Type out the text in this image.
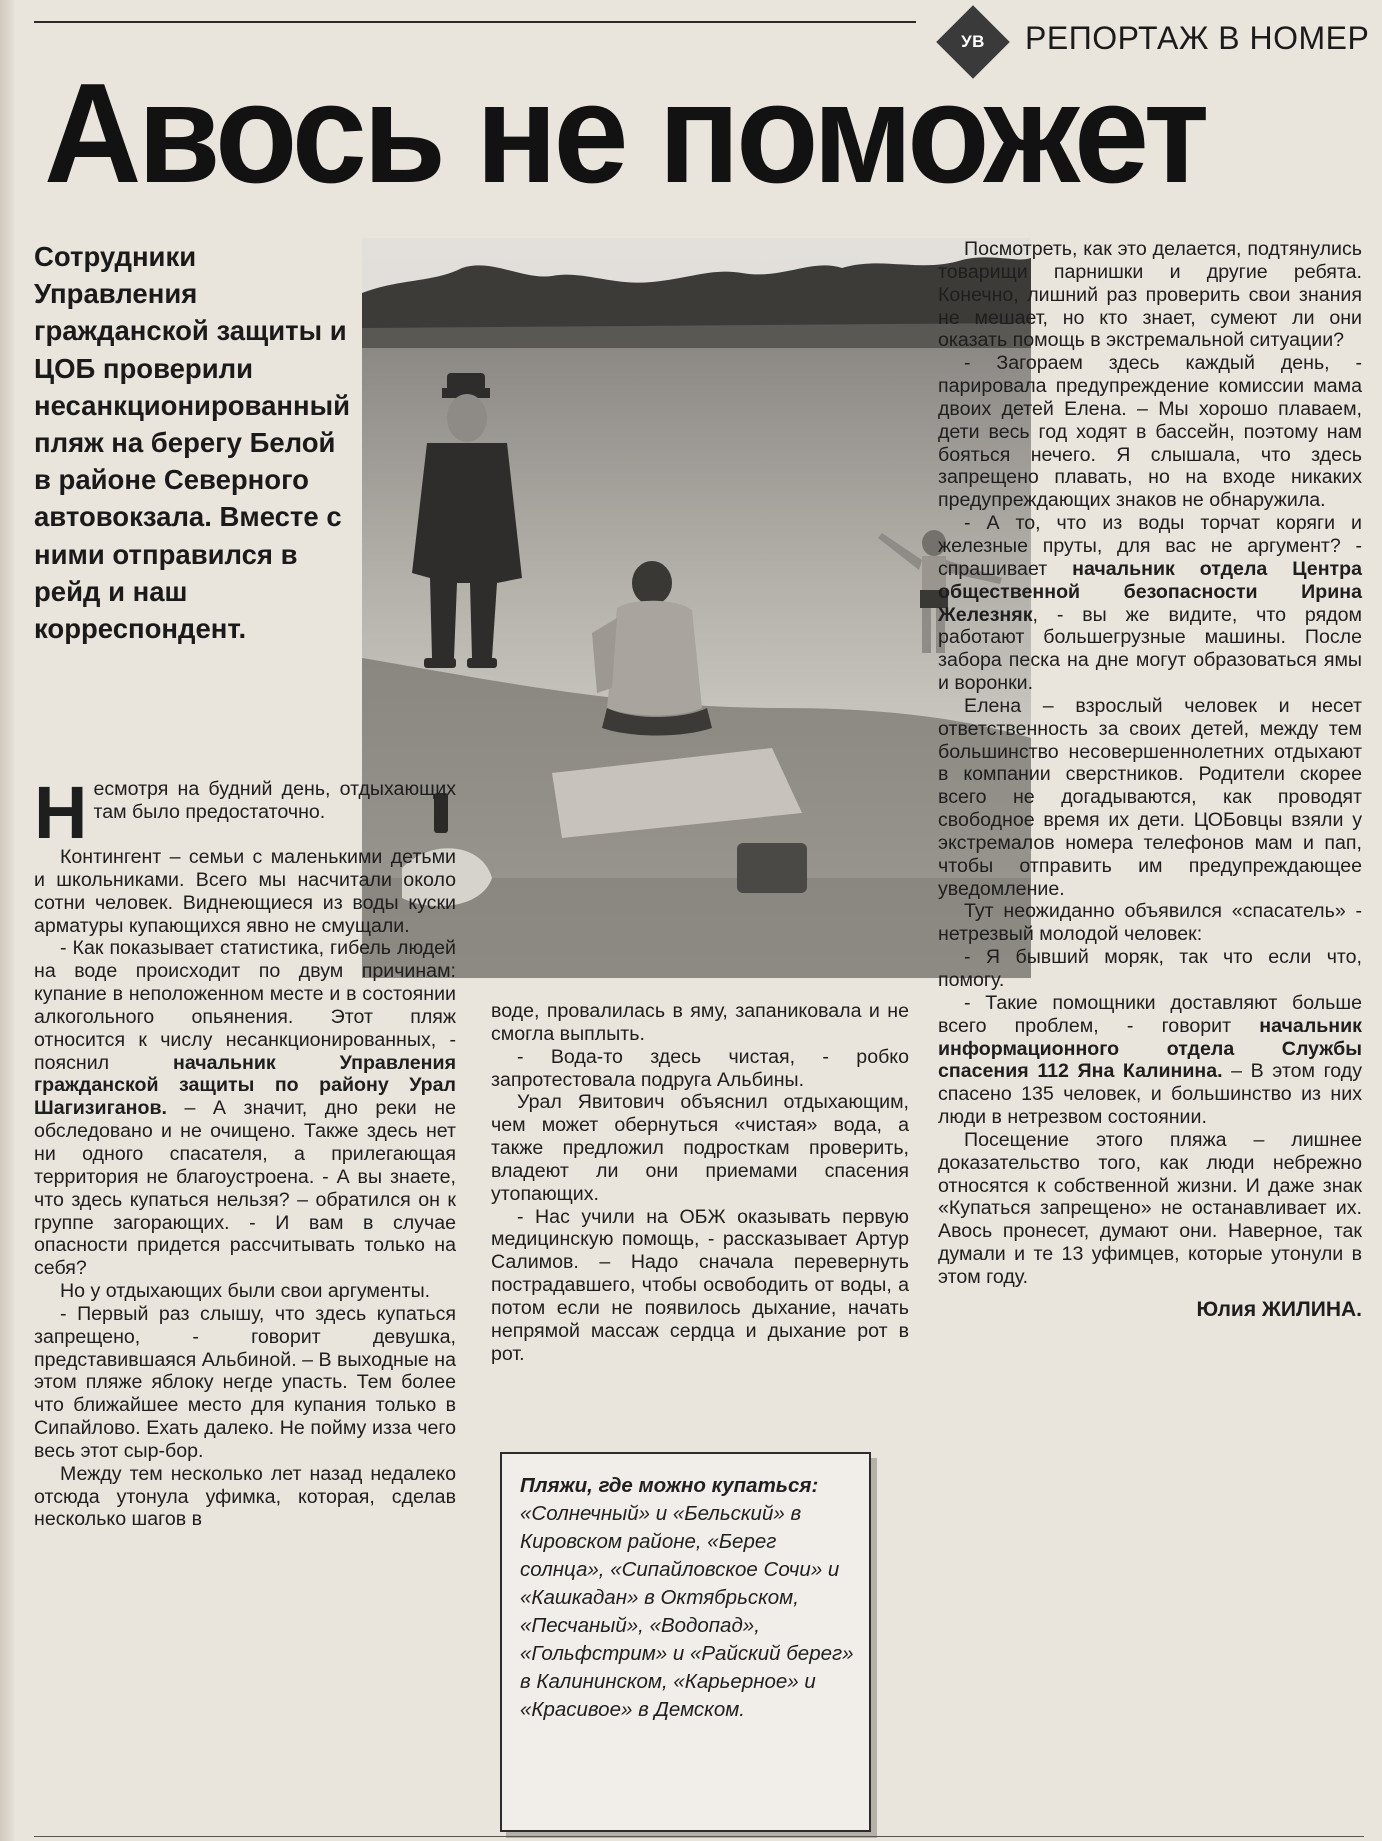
УВ	РЕПОРТАЖ В НОМЕР
Авось не поможет

Сотрудники Управления гражданской защиты и ЦОБ проверили несанкционированный пляж на берегу Белой в районе Северного автовокзала. Вместе с ними отправился в рейд и наш корреспондент.

Несмотря на будний день, отдыхающих там было предостаточно.

Контингент – семьи с маленькими детьми и школьниками. Всего мы насчитали около сотни человек. Виднеющиеся из воды куски арматуры купающихся явно не смущали.

- Как показывает статистика, гибель людей на воде происходит по двум причинам: купание в неположенном месте и в состоянии алкогольного опьянения. Этот пляж относится к числу несанкционированных, - пояснил начальник Управления гражданской защиты по району Урал Шагизиганов. – А значит, дно реки не обследовано и не очищено. Также здесь нет ни одного спасателя, а прилегающая территория не благоустроена. - А вы знаете, что здесь купаться нельзя? – обратился он к группе загорающих. - И вам в случае опасности придется рассчитывать только на себя?

Но у отдыхающих были свои аргументы.

- Первый раз слышу, что здесь купаться запрещено, - говорит девушка, представившаяся Альбиной. – В выходные на этом пляже яблоку негде упасть. Тем более что ближайшее место для купания только в Сипайлово. Ехать далеко. Не пойму изза чего весь этот сыр-бор.

Между тем несколько лет назад недалеко отсюда утонула уфимка, которая, сделав несколько шагов в

воде, провалилась в яму, запаниковала и не смогла выплыть.

- Вода-то здесь чистая, - робко запротестовала подруга Альбины.

Урал Явитович объяснил отдыхающим, чем может обернуться «чистая» вода, а также предложил подросткам проверить, владеют ли они приемами спасения утопающих.

- Нас учили на ОБЖ оказывать первую медицинскую помощь, - рассказывает Артур Салимов. – Надо сначала перевернуть пострадавшего, чтобы освободить от воды, а потом если не появилось дыхание, начать непрямой массаж сердца и дыхание рот в рот.

Пляжи, где можно купаться:
«Солнечный» и «Бельский» в Кировском районе, «Берег солнца», «Сипайловское Сочи» и «Кашкадан» в Октябрьском, «Песчаный», «Водопад», «Гольфстрим» и «Райский берег» в Калининском, «Карьерное» и «Красивое» в Демском.

Посмотреть, как это делается, подтянулись товарищи парнишки и другие ребята. Конечно, лишний раз проверить свои знания не мешает, но кто знает, сумеют ли они оказать помощь в экстремальной ситуации?

- Загораем здесь каждый день, - парировала предупреждение комиссии мама двоих детей Елена. – Мы хорошо плаваем, дети весь год ходят в бассейн, поэтому нам бояться нечего. Я слышала, что здесь запрещено плавать, но на входе никаких предупреждающих знаков не обнаружила.

- А то, что из воды торчат коряги и железные пруты, для вас не аргумент? - спрашивает начальник отдела Центра общественной безопасности Ирина Железняк, - вы же видите, что рядом работают большегрузные машины. После забора песка на дне могут образоваться ямы и воронки.

Елена – взрослый человек и несет ответственность за своих детей, между тем большинство несовершеннолетних отдыхают в компании сверстников. Родители скорее всего не догадываются, как проводят свободное время их дети. ЦОБовцы взяли у экстремалов номера телефонов мам и пап, чтобы отправить им предупреждающее уведомление.

Тут неожиданно объявился «спасатель» - нетрезвый молодой человек:

- Я бывший моряк, так что если что, помогу.

- Такие помощники доставляют больше всего проблем, - говорит начальник информационного отдела Службы спасения 112 Яна Калинина. – В этом году спасено 135 человек, и большинство из них люди в нетрезвом состоянии.

Посещение этого пляжа – лишнее доказательство того, как люди небрежно относятся к собственной жизни. И даже знак «Купаться запрещено» не останавливает их. Авось пронесет, думают они. Наверное, так думали и те 13 уфимцев, которые утонули в этом году.

Юлия ЖИЛИНА.
